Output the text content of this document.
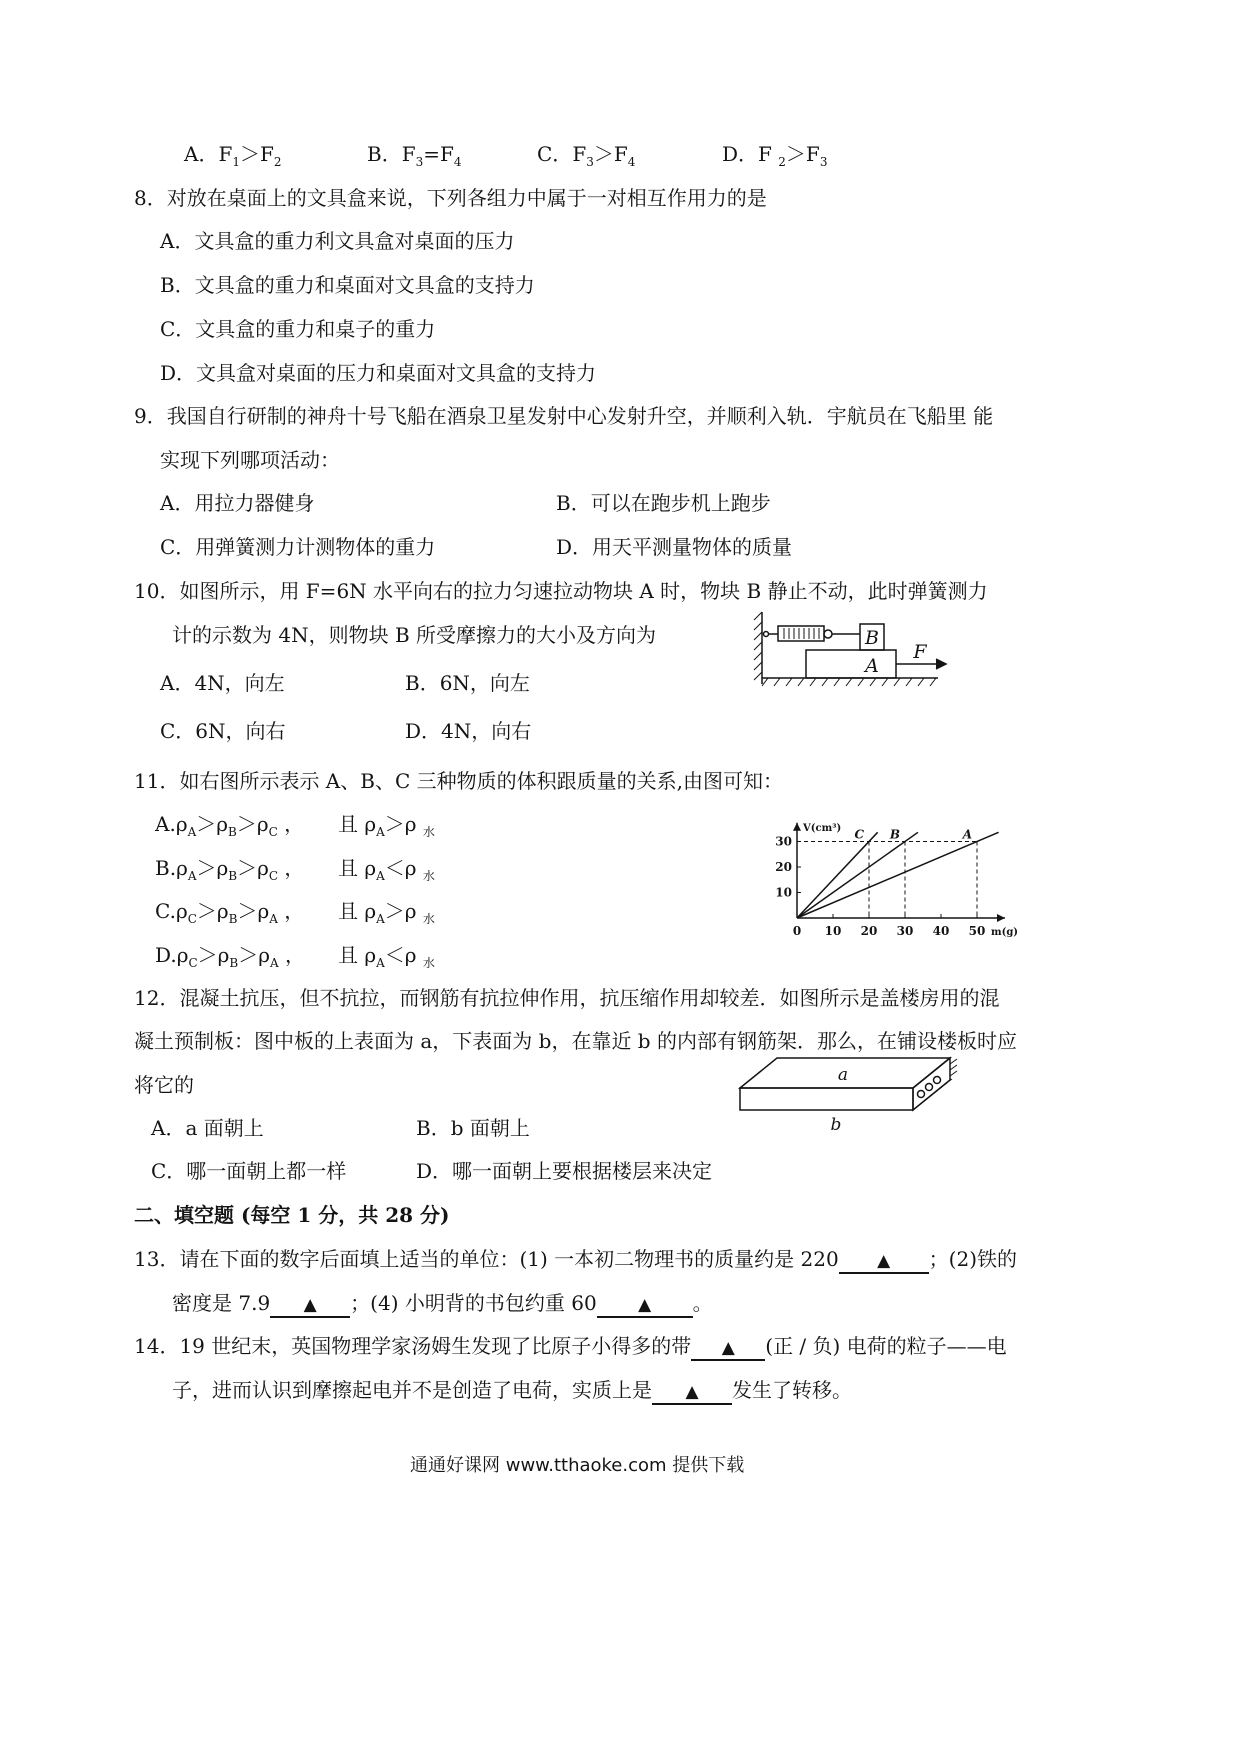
A．$F_1>F_2$	B．$F_3=F_4$	C．$F_3>F_4$	D．F $_2>F_3$
8．对放在桌面上的文具盒来说，下列各组力中属于一对相互作用力的是
A．文具盒的重力利文具盒对桌面的压力
B．文具盒的重力和桌面对文具盒的支持力
C．文具盒的重力和桌子的重力
D．文具盒对桌面的压力和桌面对文具盒的支持力
9．我国自行研制的神舟十号飞船在酒泉卫星发射中心发射升空，并顺利入轨．宇航员在飞船里 能
实现下列哪项活动：
A．用拉力器健身	B．可以在跑步机上跑步
C．用弹簧测力计测物体的重力	D．用天平测量物体的质量
10．如图所示，用 F=6N 水平向右的拉力匀速拉动物块 A 时，物块 B 静止不动，此时弹簧测力
计的示数为 4N，则物块 B 所受摩擦力的大小及方向为
A．4N，向左	B．6N，向左
C．6N，向右	D．4N，向右
B
A
F
11．如右图所示表示 A、B、C 三种物质的体积跟质量的关系,由图可知：
$A.\rho_A>\rho_B>\rho_C$ ， 且 $\rho_A>\rho$ $_水$
$B.\rho_A>\rho_B>\rho_C$ ， 且 $\rho_A<\rho$ $_水$
$C.\rho_C>\rho_B>\rho_A$ ， 且 $\rho_A>\rho$ $_水$
$D.\rho_C>\rho_B>\rho_A$ ， 且 $\rho_A<\rho$ $_水$
0 10 20 30 40 50
10
20
30
V(cm³)
m(g)
C B	A
12．混凝土抗压，但不抗拉，而钢筋有抗拉伸作用，抗压缩作用却较差．如图所示是盖楼房用的混
凝土预制板：图中板的上表面为 a，下表面为 b，在靠近 b 的内部有钢筋架．那么，在铺设楼板时应
将它的
A．a 面朝上	B．b 面朝上
C．哪一面朝上都一样	D．哪一面朝上要根据楼层来决定
a
b
二、填空题 (每空 1 分，共 28 分)
13．请在下面的数字后面填上适当的单位：(1) 一本初二物理书的质量约是 220 ▲ ；(2)铁的
密度是 7.9 ▲ ；(4) 小明背的书包约重 60 ▲ 。
14．19 世纪末，英国物理学家汤姆生发现了比原子小得多的带 ▲ (正 / 负) 电荷的粒子——电
子，进而认识到摩擦起电并不是创造了电荷，实质上是 ▲ 发生了转移。
通通好课网 www.tthaoke.com 提供下载
